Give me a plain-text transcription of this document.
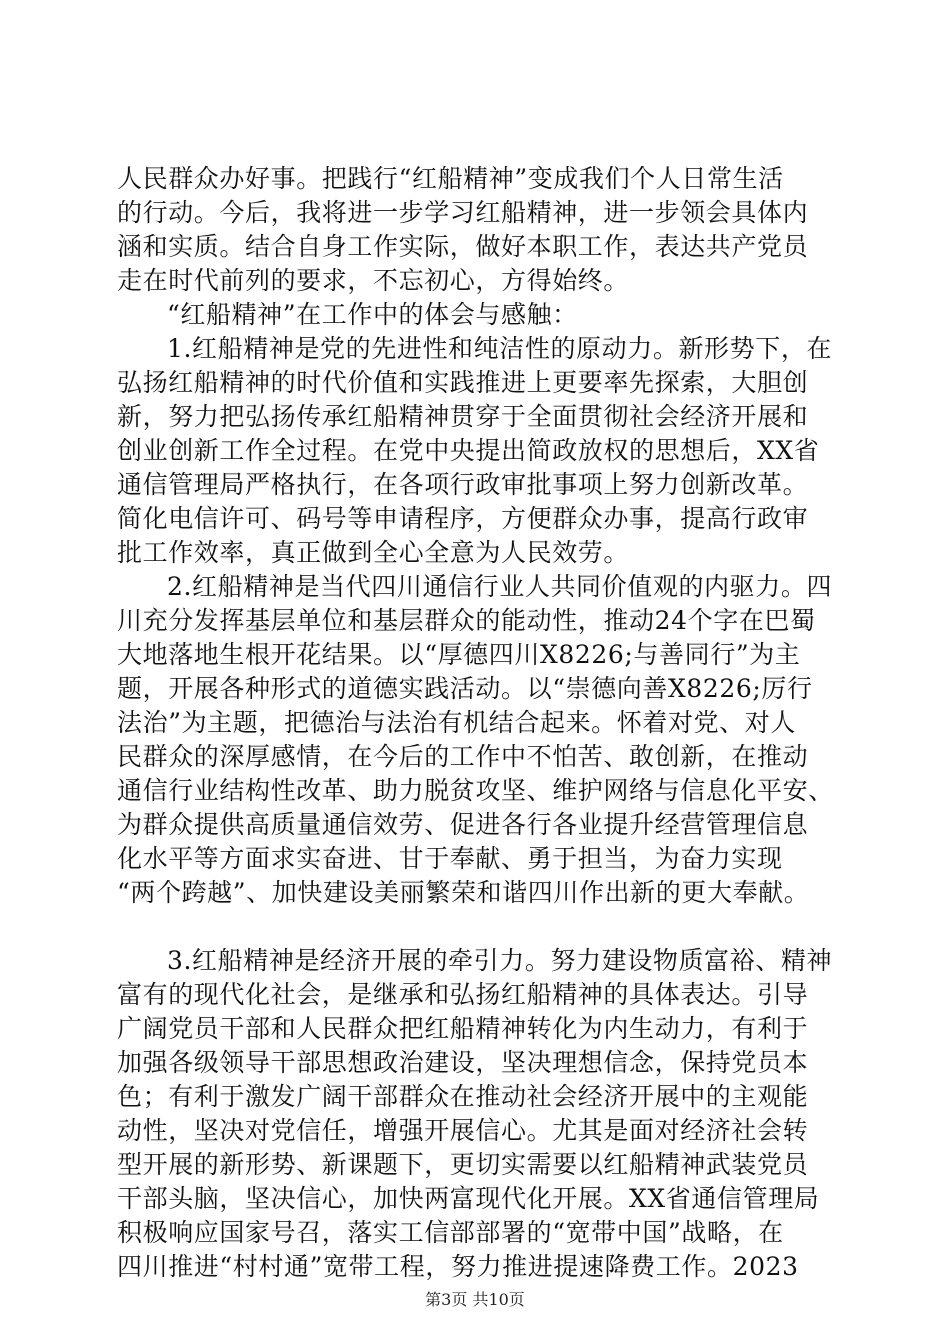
人民群众办好事。把践行“红船精神”变成我们个人日常生活
的行动。今后，我将进一步学习红船精神，进一步领会具体内
涵和实质。结合自身工作实际，做好本职工作，表达共产党员
走在时代前列的要求，不忘初心，方得始终。
“红船精神”在工作中的体会与感触：
1.红船精神是党的先进性和纯洁性的原动力。新形势下，在
弘扬红船精神的时代价值和实践推进上更要率先探索，大胆创
新，努力把弘扬传承红船精神贯穿于全面贯彻社会经济开展和
创业创新工作全过程。在党中央提出简政放权的思想后，XX省
通信管理局严格执行，在各项行政审批事项上努力创新改革。
简化电信许可、码号等申请程序，方便群众办事，提高行政审
批工作效率，真正做到全心全意为人民效劳。
2.红船精神是当代四川通信行业人共同价值观的内驱力。四
川充分发挥基层单位和基层群众的能动性，推动24个字在巴蜀
大地落地生根开花结果。以“厚德四川X8226;与善同行”为主
题，开展各种形式的道德实践活动。以“崇德向善X8226;厉行
法治”为主题，把德治与法治有机结合起来。怀着对党、对人
民群众的深厚感情，在今后的工作中不怕苦、敢创新，在推动
通信行业结构性改革、助力脱贫攻坚、维护网络与信息化平安、
为群众提供高质量通信效劳、促进各行各业提升经营管理信息
化水平等方面求实奋进、甘于奉献、勇于担当，为奋力实现
“两个跨越”、加快建设美丽繁荣和谐四川作出新的更大奉献。
3.红船精神是经济开展的牵引力。努力建设物质富裕、精神
富有的现代化社会，是继承和弘扬红船精神的具体表达。引导
广阔党员干部和人民群众把红船精神转化为内生动力，有利于
加强各级领导干部思想政治建设，坚决理想信念，保持党员本
色；有利于激发广阔干部群众在推动社会经济开展中的主观能
动性，坚决对党信任，增强开展信心。尤其是面对经济社会转
型开展的新形势、新课题下，更切实需要以红船精神武装党员
干部头脑，坚决信心，加快两富现代化开展。XX省通信管理局
积极响应国家号召，落实工信部部署的“宽带中国”战略，在
四川推进“村村通”宽带工程，努力推进提速降费工作。2023
第3页 共10页
